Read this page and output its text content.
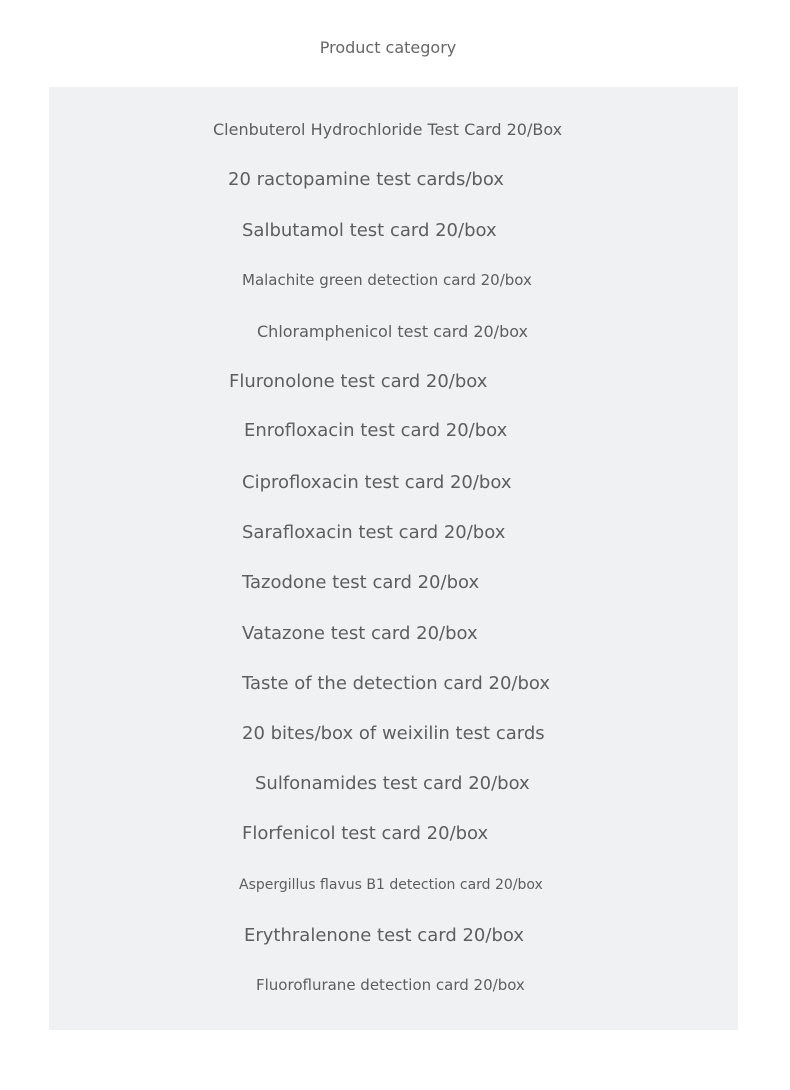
Product category
Clenbuterol Hydrochloride Test Card 20/Box
20 ractopamine test cards/box
Salbutamol test card 20/box
Malachite green detection card 20/box
Chloramphenicol test card 20/box
Fluronolone test card 20/box
Enrofloxacin test card 20/box
Ciprofloxacin test card 20/box
Sarafloxacin test card 20/box
Tazodone test card 20/box
Vatazone test card 20/box
Taste of the detection card 20/box
20 bites/box of weixilin test cards
Sulfonamides test card 20/box
Florfenicol test card 20/box
Aspergillus flavus B1 detection card 20/box
Erythralenone test card 20/box
Fluoroflurane detection card 20/box
